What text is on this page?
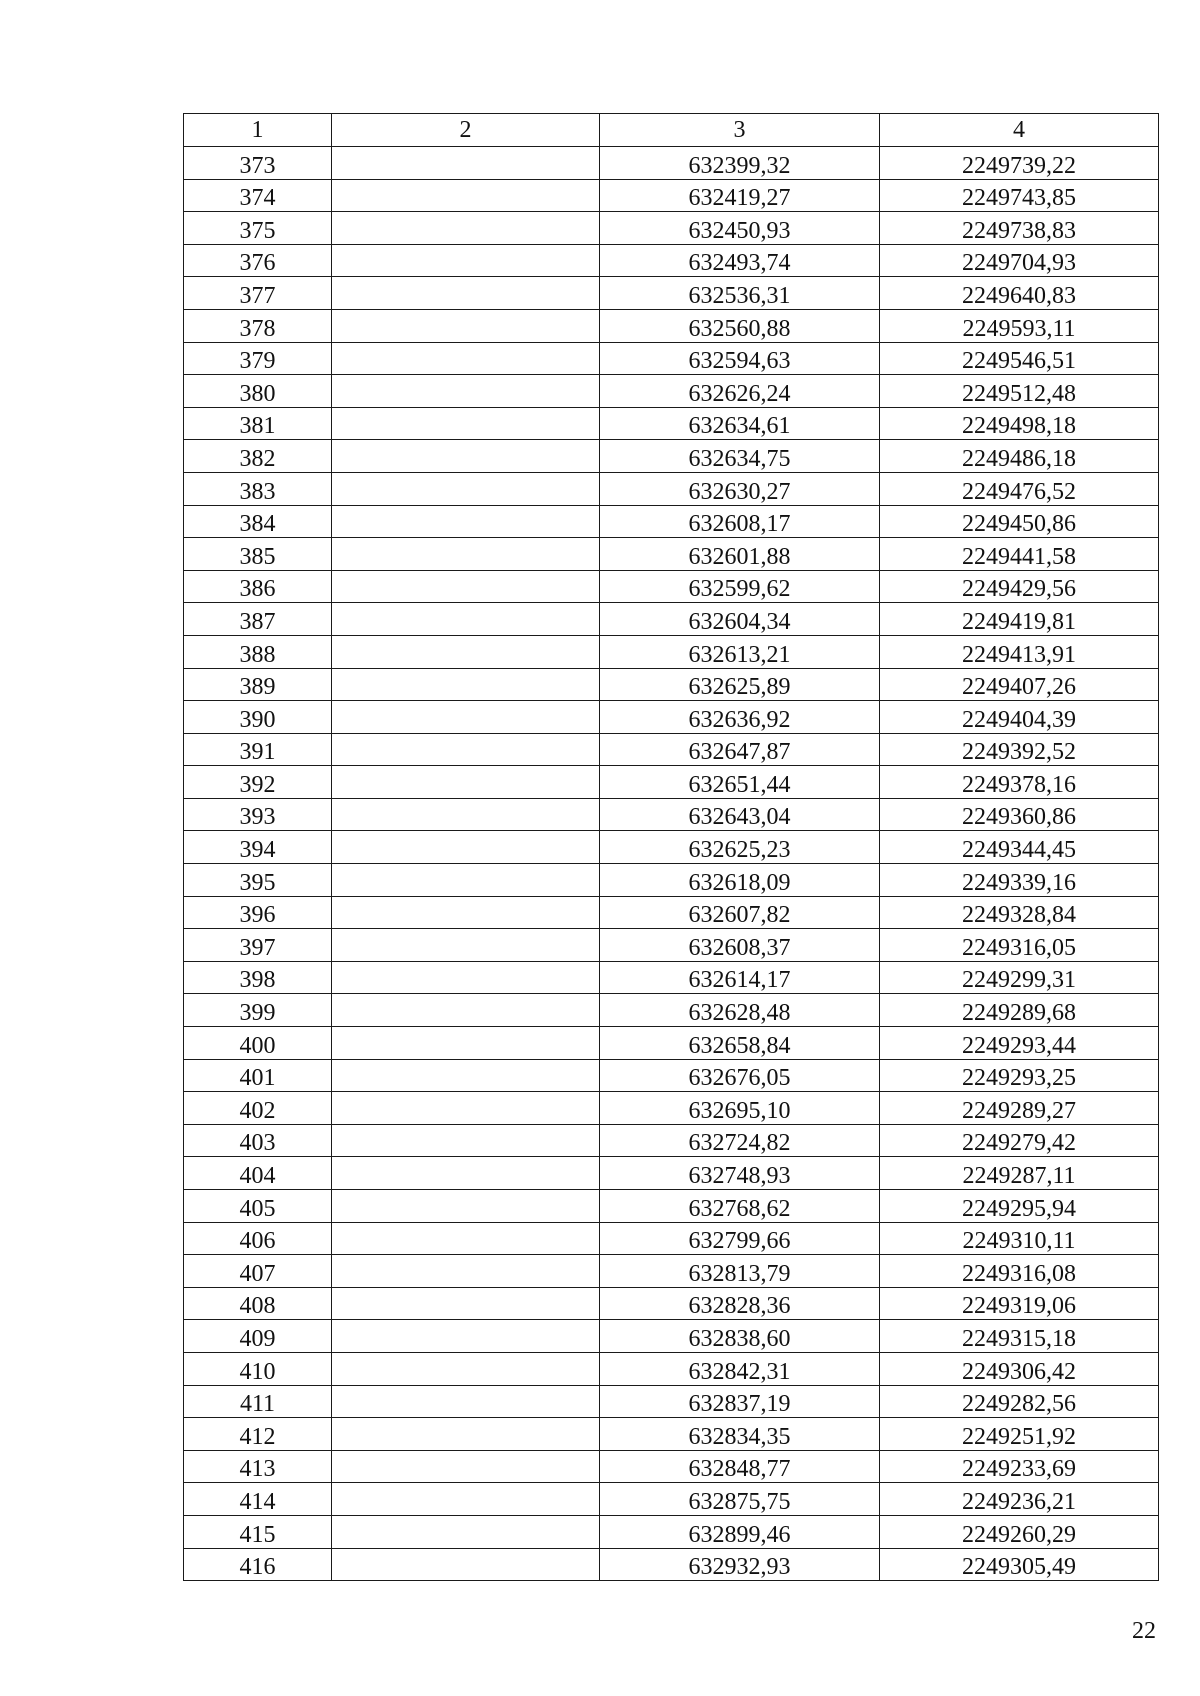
1	2	3	4
373		632399,32	2249739,22
374		632419,27	2249743,85
375		632450,93	2249738,83
376		632493,74	2249704,93
377		632536,31	2249640,83
378		632560,88	2249593,11
379		632594,63	2249546,51
380		632626,24	2249512,48
381		632634,61	2249498,18
382		632634,75	2249486,18
383		632630,27	2249476,52
384		632608,17	2249450,86
385		632601,88	2249441,58
386		632599,62	2249429,56
387		632604,34	2249419,81
388		632613,21	2249413,91
389		632625,89	2249407,26
390		632636,92	2249404,39
391		632647,87	2249392,52
392		632651,44	2249378,16
393		632643,04	2249360,86
394		632625,23	2249344,45
395		632618,09	2249339,16
396		632607,82	2249328,84
397		632608,37	2249316,05
398		632614,17	2249299,31
399		632628,48	2249289,68
400		632658,84	2249293,44
401		632676,05	2249293,25
402		632695,10	2249289,27
403		632724,82	2249279,42
404		632748,93	2249287,11
405		632768,62	2249295,94
406		632799,66	2249310,11
407		632813,79	2249316,08
408		632828,36	2249319,06
409		632838,60	2249315,18
410		632842,31	2249306,42
411		632837,19	2249282,56
412		632834,35	2249251,92
413		632848,77	2249233,69
414		632875,75	2249236,21
415		632899,46	2249260,29
416		632932,93	2249305,49
22
